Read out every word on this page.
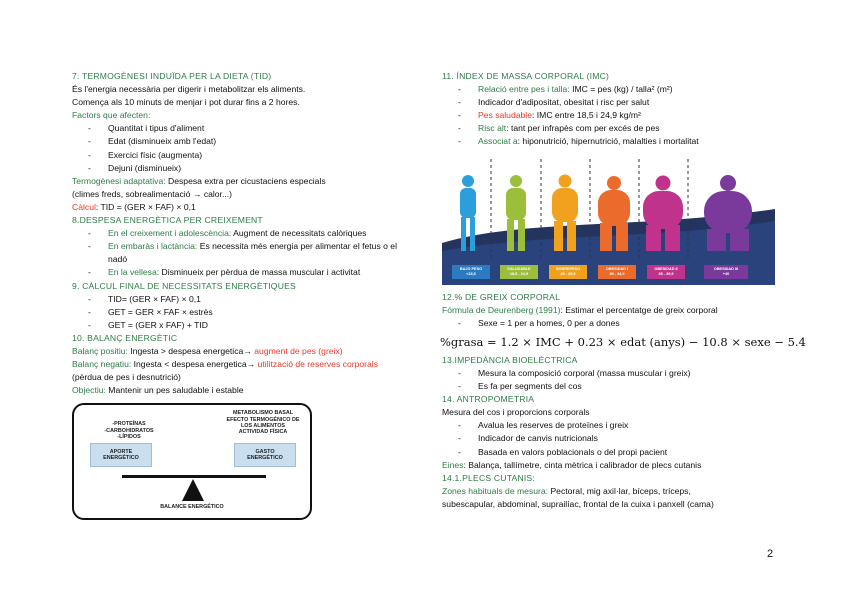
7. TERMOGÈNESI INDUÏDA PER LA DIETA (TID)
És l'energia necessària per digerir i metabolitzar els aliments.
Comença als 10 minuts de menjar i pot durar fins a 2 hores.
Factors que afecten:
- Quantitat i tipus d'aliment
- Edat (disminueix amb l'edat)
- Exercici físic (augmenta)
- Dejuni (disminueix)
Termogènesi adaptativa: Despesa extra per cicustaciens especials
(climes freds, sobrealimentació → calor...)
Càlcul: TID = (GER × FAF) × 0,1
8.DESPESA ENERGÈTICA PER CREIXEMENT
- En el creixement i adolescència: Augment de necessitats calòriques
- En embaràs i lactància: Es necessita més energia per alimentar el fetus o el nadó
- En la vellesa: Disminueix per pèrdua de massa muscular i activitat
9. CÀLCUL FINAL DE NECESSITATS ENERGÈTIQUES
- TID= (GER × FAF) × 0,1
- GET = GER × FAF × estrès
- GET = (GER x FAF) + TID
10. BALANÇ ENERGÈTIC
Balanç positiu: Ingesta > despesa energetica→ augment de pes (greix)
Balanç negatiu: Ingesta < despesa energetica→ utilització de reserves corporals (pèrdua de pes i desnutrició)
Objectiu: Mantenir un pes saludable i estable
-PROTEÍNAS
-CARBOHIDRATOS
-LÍPIDOS
APORTE
ENERGÉTICO
METABOLISMO BASAL
EFECTO TERMOGÉNICO DE
LOS ALIMENTOS
ACTIVIDAD FÍSICA
GASTO
ENERGÉTICO
BALANCE ENERGÉTICO
11. ÍNDEX DE MASSA CORPORAL (IMC)
- Relació entre pes i talla: IMC = pes (kg) / talla² (m²)
- Indicador d'adipositat, obesitat i risc per salut
- Pes saludable: IMC entre 18,5 i 24,9 kg/m²
- Risc alt: tant per infrapès com per excés de pes
- Associat a: hiponutrició, hipernutrició, malalties i mortalitat
BAJO PESO
<18,5
SALUDABLE
18,5 - 24,9
SOBREPESO
25 - 29,9
OBESIDAD I
30 - 34,9
OBESIDAD II
35 - 39,9
OBESIDAD III
+40
12.% DE GREIX CORPORAL
Fórmula de Deurenberg (1991): Estimar el percentatge de greix corporal
- Sexe = 1 per a homes, 0 per a dones
%grasa = 1.2 × IMC + 0.23 × edat (anys) − 10.8 × sexe − 5.4
13.IMPEDÀNCIA BIOELÈCTRICA
- Mesura la composició corporal (massa muscular i greix)
- Es fa per segments del cos
14. ANTROPOMETRIA
Mesura del cos i proporcions corporals
- Avalua les reserves de proteïnes i greix
- Indicador de canvis nutricionals
- Basada en valors poblacionals o del propi pacient
Eines: Balança, tallímetre, cinta mètrica i calibrador de plecs cutanis
14.1.PLECS CUTANIS:
Zones habituals de mesura: Pectoral, mig axil·lar, bíceps, tríceps,
subescapular, abdominal, suprailíac, frontal de la cuixa i panxell (cama)
2
